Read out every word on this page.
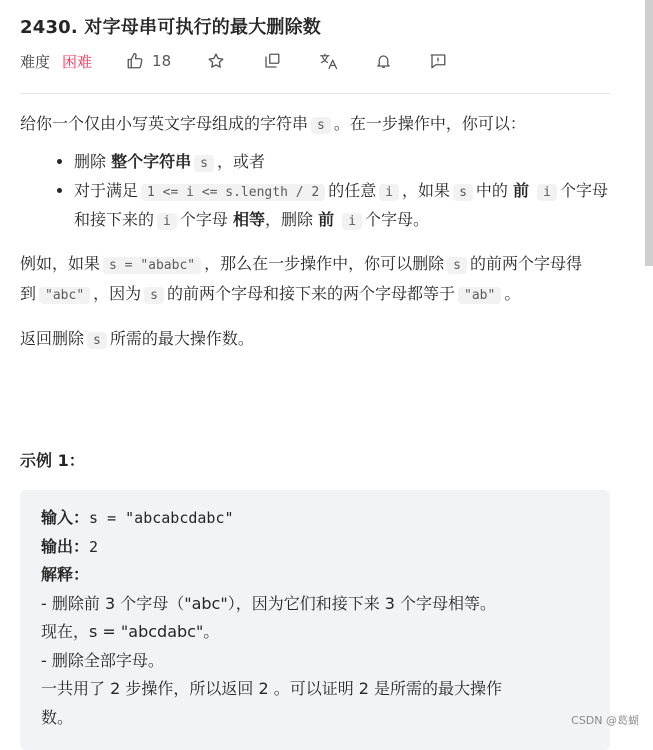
2430. 对字母串可执行的最大删除数
难度 困难	18

给你一个仅由小写英文字母组成的字符串 s 。在一步操作中，你可以：

• 删除 整个字符串 s ，或者
• 对于满足 1 <= i <= s.length / 2 的任意 i ，如果 s 中的 前 i 个字母和接下来的 i 个字母 相等，删除 前 i 个字母。

例如，如果 s = "ababc" ，那么在一步操作中，你可以删除 s 的前两个字母得到 "abc" ，因为 s 的前两个字母和接下来的两个字母都等于 "ab" 。

返回删除 s 所需的最大操作数。

示例 1：
输入：s = "abcabcdabc"
输出：2
解释：
- 删除前 3 个字母（"abc"），因为它们和接下来 3 个字母相等。
现在，s = "abcdabc"。
- 删除全部字母。
一共用了 2 步操作，所以返回 2 。可以证明 2 是所需的最大操作
数。	CSDN @葛蝴
